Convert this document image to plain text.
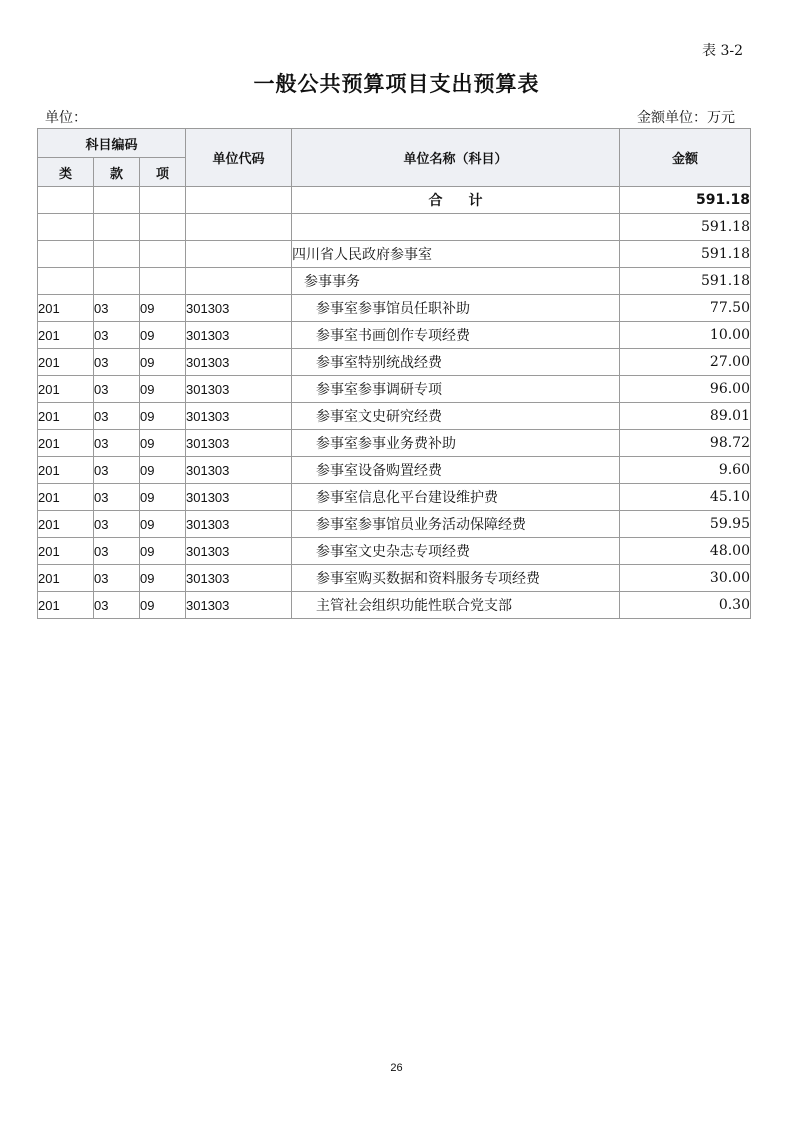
表 3-2
一般公共预算项目支出预算表
单位：	金额单位：万元
科目编码			单位代码	单位名称（科目）	金额
类	款	项			
				合计	591.18
					591.18
				四川省人民政府参事室	591.18
				参事事务	591.18
201	03	09	301303	参事室参事馆员任职补助	77.50
201	03	09	301303	参事室书画创作专项经费	10.00
201	03	09	301303	参事室特别统战经费	27.00
201	03	09	301303	参事室参事调研专项	96.00
201	03	09	301303	参事室文史研究经费	89.01
201	03	09	301303	参事室参事业务费补助	98.72
201	03	09	301303	参事室设备购置经费	9.60
201	03	09	301303	参事室信息化平台建设维护费	45.10
201	03	09	301303	参事室参事馆员业务活动保障经费	59.95
201	03	09	301303	参事室文史杂志专项经费	48.00
201	03	09	301303	参事室购买数据和资料服务专项经费	30.00
201	03	09	301303	主管社会组织功能性联合党支部	0.30
26
